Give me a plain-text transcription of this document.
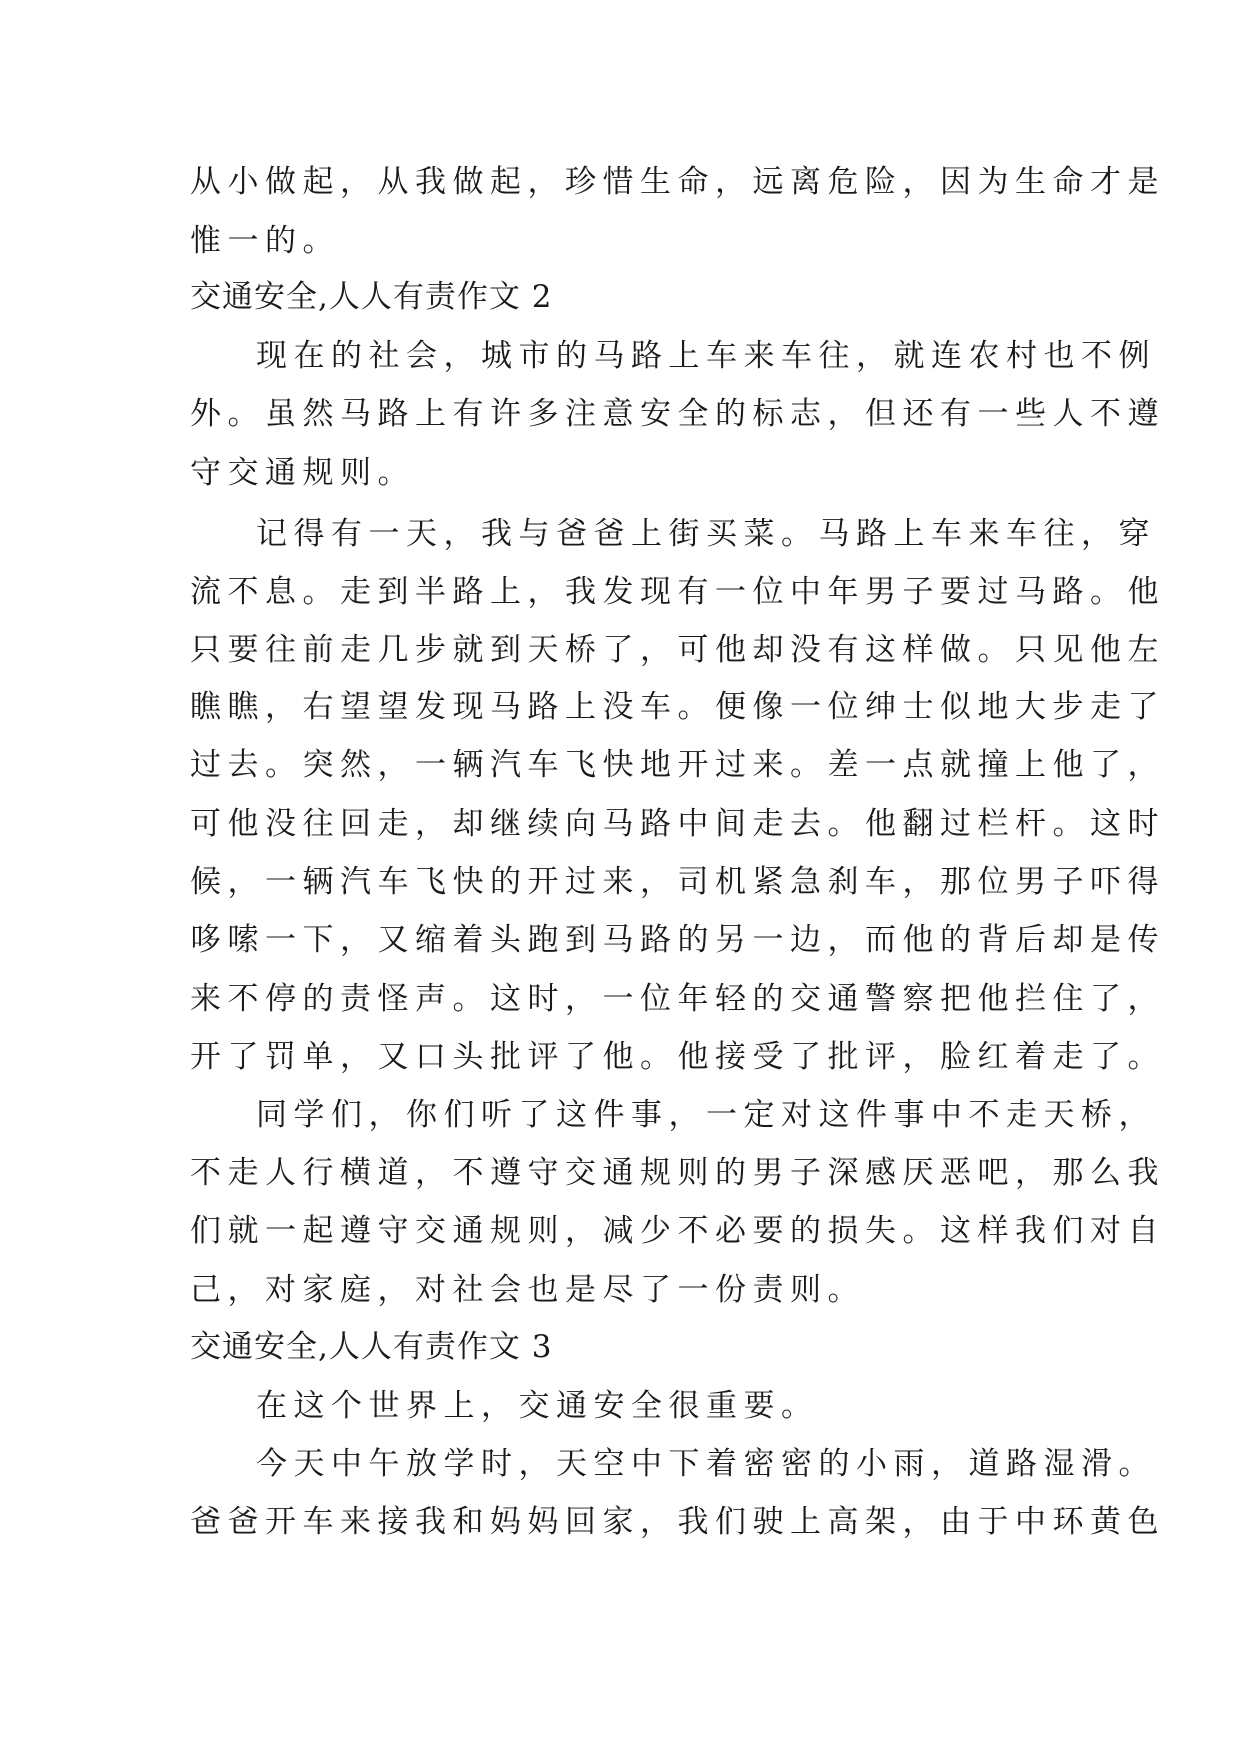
从小做起，从我做起，珍惜生命，远离危险，因为生命才是
惟一的。
交通安全,人人有责作文 2
现在的社会，城市的马路上车来车往，就连农村也不例
外。虽然马路上有许多注意安全的标志，但还有一些人不遵
守交通规则。
记得有一天，我与爸爸上街买菜。马路上车来车往，穿
流不息。走到半路上，我发现有一位中年男子要过马路。他
只要往前走几步就到天桥了，可他却没有这样做。只见他左
瞧瞧，右望望发现马路上没车。便像一位绅士似地大步走了
过去。突然，一辆汽车飞快地开过来。差一点就撞上他了，
可他没往回走，却继续向马路中间走去。他翻过栏杆。这时
候，一辆汽车飞快的开过来，司机紧急刹车，那位男子吓得
哆嗦一下，又缩着头跑到马路的另一边，而他的背后却是传
来不停的责怪声。这时，一位年轻的交通警察把他拦住了，
开了罚单，又口头批评了他。他接受了批评，脸红着走了。
同学们，你们听了这件事，一定对这件事中不走天桥，
不走人行横道，不遵守交通规则的男子深感厌恶吧，那么我
们就一起遵守交通规则，减少不必要的损失。这样我们对自
己，对家庭，对社会也是尽了一份责则。
交通安全,人人有责作文 3
在这个世界上，交通安全很重要。
今天中午放学时，天空中下着密密的小雨，道路湿滑。
爸爸开车来接我和妈妈回家，我们驶上高架，由于中环黄色
